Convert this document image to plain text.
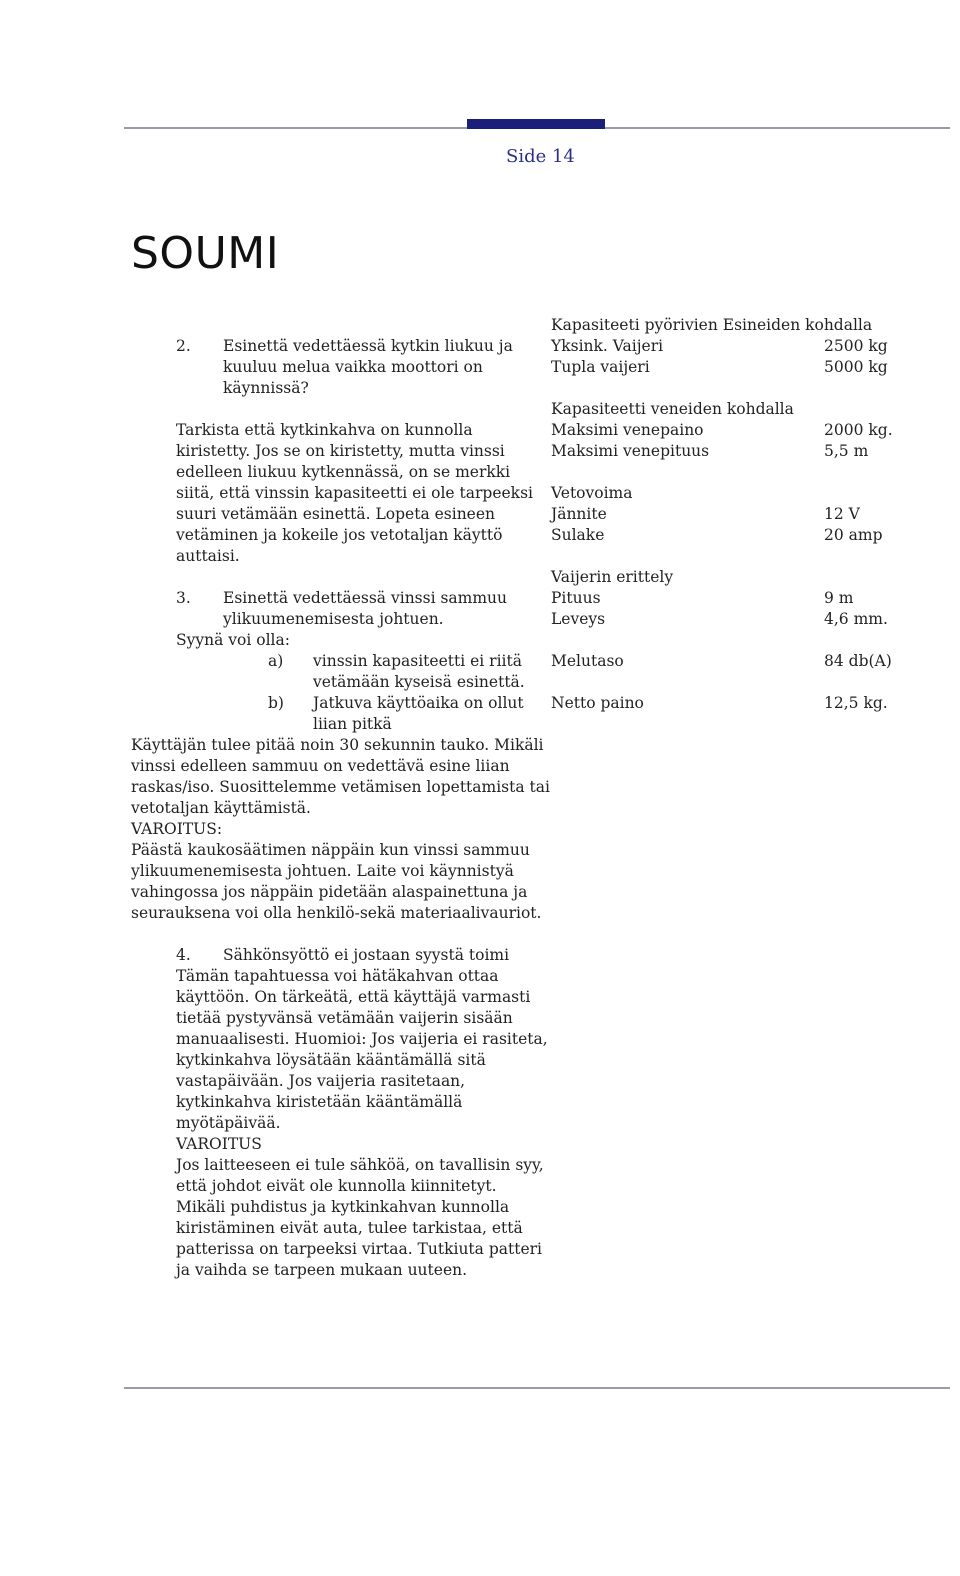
Side 14
SOUMI
2. Esinettä vedettäessä kytkin liukuu ja
kuuluu melua vaikka moottori on
käynnissä?
Tarkista että kytkinkahva on kunnolla
kiristetty. Jos se on kiristetty, mutta vinssi
edelleen liukuu kytkennässä, on se merkki
siitä, että vinssin kapasiteetti ei ole tarpeeksi
suuri vetämään esinettä. Lopeta esineen
vetäminen ja kokeile jos vetotaljan käyttö
auttaisi.
3. Esinettä vedettäessä vinssi sammuu
ylikuumenemisesta johtuen.
Syynä voi olla:
a) vinssin kapasiteetti ei riitä
vetämään kyseisä esinettä.
b) Jatkuva käyttöaika on ollut
liian pitkä
Käyttäjän tulee pitää noin 30 sekunnin tauko. Mikäli
vinssi edelleen sammuu on vedettävä esine liian
raskas/iso. Suosittelemme vetämisen lopettamista tai
vetotaljan käyttämistä.
VAROITUS:
Päästä kaukosäätimen näppäin kun vinssi sammuu
ylikuumenemisesta johtuen. Laite voi käynnistyä
vahingossa jos näppäin pidetään alaspainettuna ja
seurauksena voi olla henkilö-sekä materiaalivauriot.
4. Sähkönsyöttö ei jostaan syystä toimi
Tämän tapahtuessa voi hätäkahvan ottaa
käyttöön. On tärkeätä, että käyttäjä varmasti
tietää pystyvänsä vetämään vaijerin sisään
manuaalisesti. Huomioi: Jos vaijeria ei rasiteta,
kytkinkahva löysätään kääntämällä sitä
vastapäivään. Jos vaijeria rasitetaan,
kytkinkahva kiristetään kääntämällä
myötäpäivää.
VAROITUS
Jos laitteeseen ei tule sähköä, on tavallisin syy,
että johdot eivät ole kunnolla kiinnitetyt.
Mikäli puhdistus ja kytkinkahvan kunnolla
kiristäminen eivät auta, tulee tarkistaa, että
patterissa on tarpeeksi virtaa. Tutkiuta patteri
ja vaihda se tarpeen mukaan uuteen.
Kapasiteeti pyörivien Esineiden kohdalla
Yksink. Vaijeri	2500 kg
Tupla vaijeri	5000 kg
Kapasiteetti veneiden kohdalla
Maksimi venepaino	2000 kg.
Maksimi venepituus	5,5 m
Vetovoima
Jännite	12 V
Sulake	20 amp
Vaijerin erittely
Pituus	9 m
Leveys	4,6 mm.
Melutaso	84 db(A)
Netto paino	12,5 kg.
